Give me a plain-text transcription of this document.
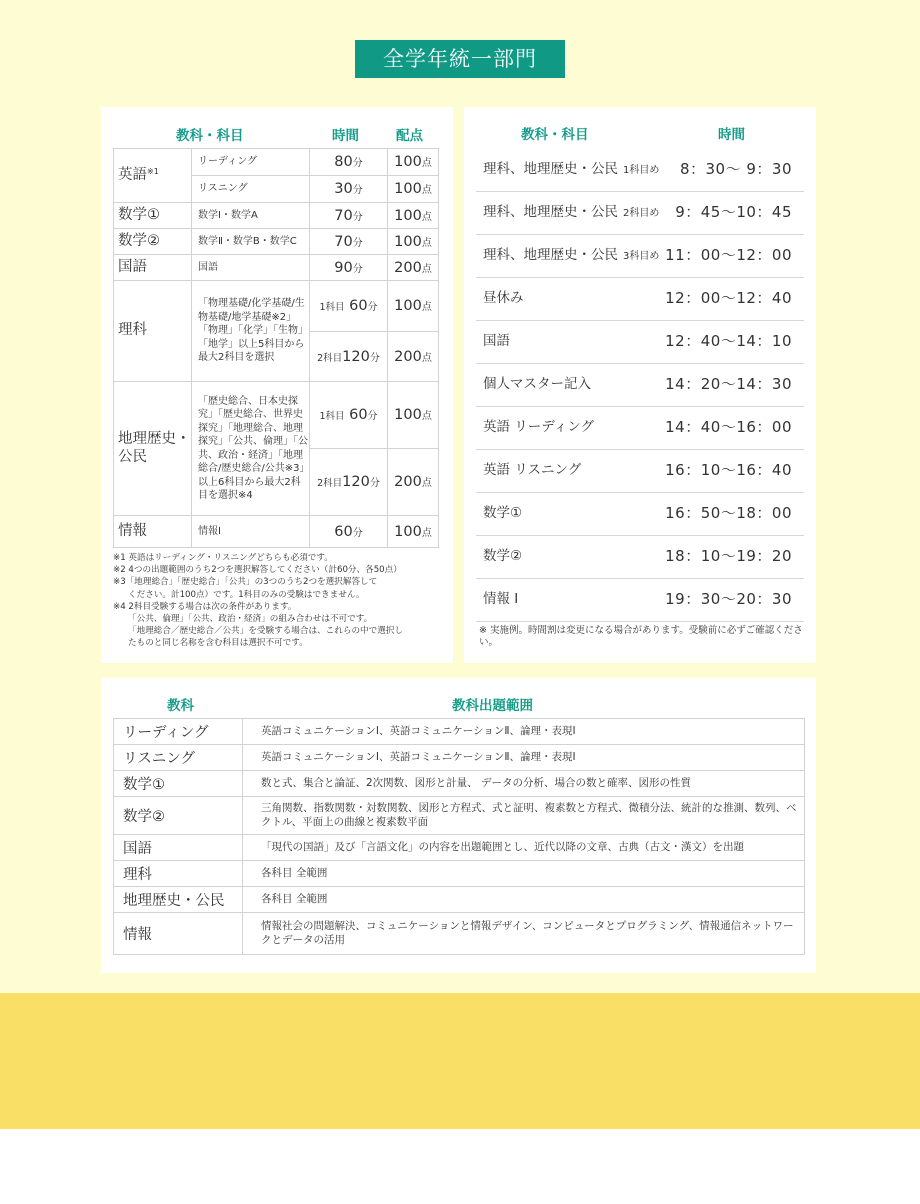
全学年統一部門
教科・科目	時間	配点
英語$^{※1}$	リーディング	80分	100点
	リスニング	30分	100点
数学①	数学Ⅰ・数学A	70分	100点
数学②	数学Ⅱ・数学B・数学C	70分	100点
国語	国語	90分	200点
理科	「物理基礎/化学基礎/生物基礎/地学基礎※2」「物理」「化学」「生物」「地学」以上5科目から最大2科目を選択	1科目 60分	100点
		2科目120分	200点
地理歴史・公民	「歴史総合、日本史探究」「歴史総合、世界史探究」「地理総合、地理探究」「公共、倫理」「公共、政治・経済」「地理総合/歴史総合/公共※3」以上6科目から最大2科目を選択※4	1科目 60分	100点
		2科目120分	200点
情報	情報Ⅰ	60分	100点
※1 英語はリーディング・リスニングどちらも必須です。
※2 4つの出題範囲のうち2つを選択解答してください（計60分、各50点）
※3「地理総合」「歴史総合」「公共」の3つのうち2つを選択解答して
ください。計100点）です。1科目のみの受験はできません。
※4 2科目受験する場合は次の条件があります。
「公共、倫理」「公共、政治・経済」の組み合わせは不可です。
「地理総合／歴史総合／公共」を受験する場合は、これらの中で選択し
たものと同じ名称を含む科目は選択不可です。
教科・科目	時間
理科、地理歴史・公民 1科目め 8：30〜 9：30
理科、地理歴史・公民 2科目め 9：45〜10：45
理科、地理歴史・公民 3科目め 11：00〜12：00
昼休み	12：00〜12：40
国語	12：40〜14：10
個人マスター記入	14：20〜14：30
英語 リーディング	14：40〜16：00
英語 リスニング	16：10〜16：40
数学①	16：50〜18：00
数学②	18：10〜19：20
情報 Ⅰ	19：30〜20：30
※ 実施例。時間割は変更になる場合があります。受験前に必ずご確認ください。
教科	教科出題範囲
リーディング	英語コミュニケーションⅠ、英語コミュニケーションⅡ、論理・表現Ⅰ
リスニング	英語コミュニケーションⅠ、英語コミュニケーションⅡ、論理・表現Ⅰ
数学①	数と式、集合と論証、2次関数、図形と計量、 データの分析、場合の数と確率、図形の性質
数学②	三角関数、指数関数・対数関数、図形と方程式、式と証明、複素数と方程式、微積分法、統計的な推測、数列、ベクトル、平面上の曲線と複素数平面
国語	「現代の国語」及び「言語文化」の内容を出題範囲とし、近代以降の文章、古典（古文・漢文）を出題
理科	各科目 全範囲
地理歴史・公民	各科目 全範囲
情報	情報社会の問題解決、コミュニケーションと情報デザイン、コンピュータとプログラミング、情報通信ネットワークとデータの活用
